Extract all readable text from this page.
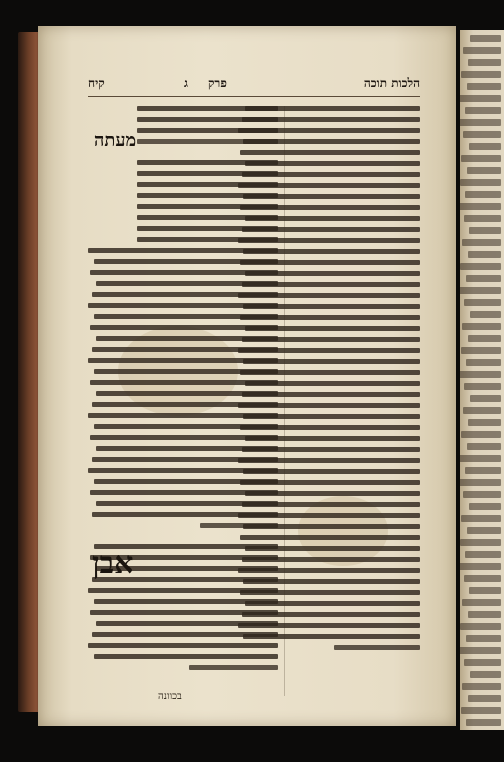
הלכות תוכה
פרק
ג
קיח
מעתה
אבן
בכוונה
